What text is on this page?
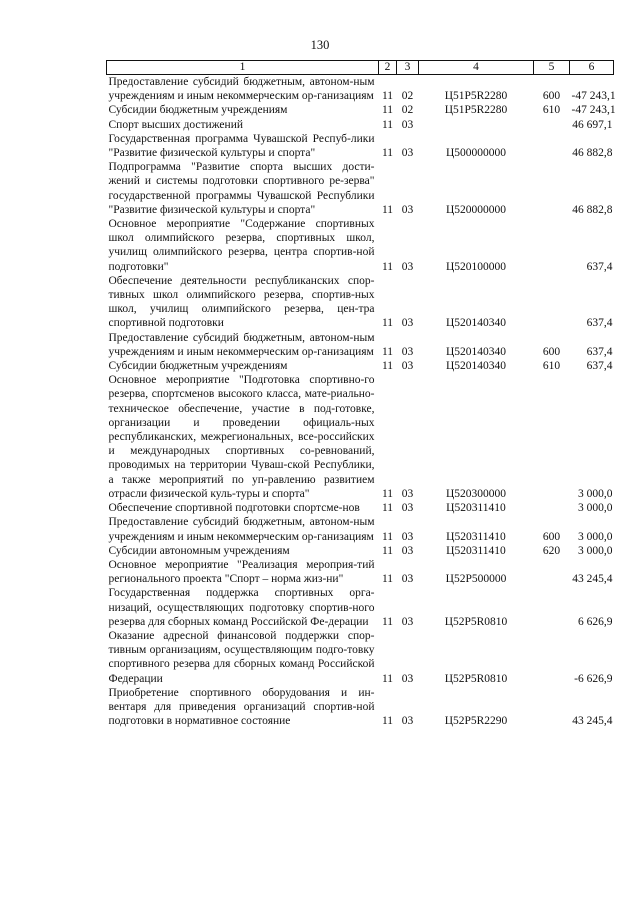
130
1	2	3	4	5	6
Предоставление субсидий бюджетным, автоном-ным учреждениям и иным некоммерческим ор-ганизациям	11	02	Ц51P5R2280	600	-47 243,1
Субсидии бюджетным учреждениям	11	02	Ц51P5R2280	610	-47 243,1
Спорт высших достижений	11	03			46 697,1
Государственная программа Чувашской Респуб-лики "Развитие физической культуры и спорта"	11	03	Ц500000000		46 882,8
Подпрограмма "Развитие спорта высших дости-жений и системы подготовки спортивного ре-зерва" государственной программы Чувашской Республики "Развитие физической культуры и спорта"	11	03	Ц520000000		46 882,8
Основное мероприятие "Содержание спортивных школ олимпийского резерва, спортивных школ, училищ олимпийского резерва, центра спортив-ной подготовки"	11	03	Ц520100000		637,4
Обеспечение деятельности республиканских спор-тивных школ олимпийского резерва, спортив-ных школ, училищ олимпийского резерва, цен-тра спортивной подготовки	11	03	Ц520140340		637,4
Предоставление субсидий бюджетным, автоном-ным учреждениям и иным некоммерческим ор-ганизациям	11	03	Ц520140340	600	637,4
Субсидии бюджетным учреждениям	11	03	Ц520140340	610	637,4
Основное мероприятие "Подготовка спортивно-го резерва, спортсменов высокого класса, мате-риально-техническое обеспечение, участие в под-готовке, организации и проведении официаль-ных республиканских, межрегиональных, все-российских и международных спортивных со-ревнований, проводимых на территории Чуваш-ской Республики, а также мероприятий по уп-равлению развитием отрасли физической куль-туры и спорта"	11	03	Ц520300000		3 000,0
Обеспечение спортивной подготовки спортсме-нов	11	03	Ц520311410		3 000,0
Предоставление субсидий бюджетным, автоном-ным учреждениям и иным некоммерческим ор-ганизациям	11	03	Ц520311410	600	3 000,0
Субсидии автономным учреждениям	11	03	Ц520311410	620	3 000,0
Основное мероприятие "Реализация мероприя-тий регионального проекта "Спорт – норма жиз-ни"	11	03	Ц52P500000		43 245,4
Государственная поддержка спортивных орга-низаций, осуществляющих подготовку спортив-ного резерва для сборных команд Российской Фе-дерации	11	03	Ц52P5R0810		6 626,9
Оказание адресной финансовой поддержки спор-тивным организациям, осуществляющим подго-товку спортивного резерва для сборных команд Российской Федерации	11	03	Ц52P5R0810		-6 626,9
Приобретение спортивного оборудования и ин-вентаря для приведения организаций спортив-ной подготовки в нормативное состояние	11	03	Ц52P5R2290		43 245,4
